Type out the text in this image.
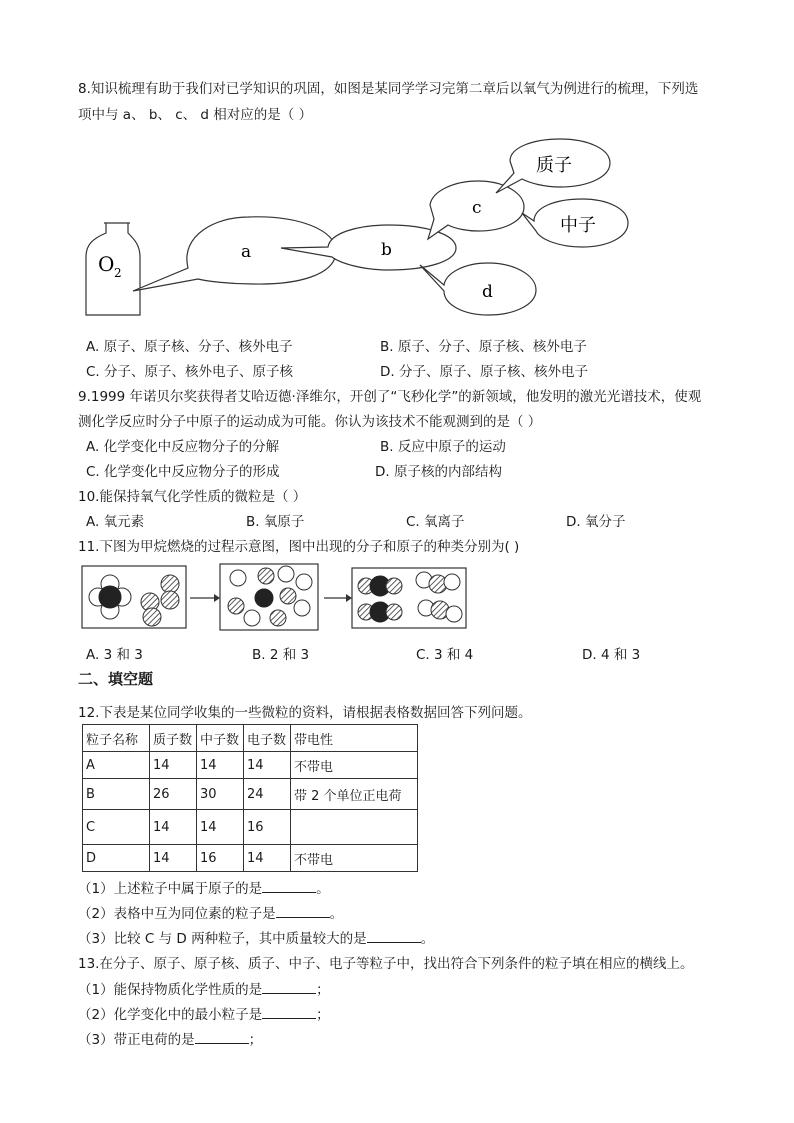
8.知识梳理有助于我们对已学知识的巩固，如图是某同学学习完第二章后以氧气为例进行的梳理，下列选
项中与 a、 b、 c、 d 相对应的是（ ）
O 2
a	b
c
d
质子
中子
A. 原子、原子核、分子、核外电子	B. 原子、分子、原子核、核外电子
C. 分子、原子、核外电子、原子核	D. 分子、原子、原子核、核外电子
9.1999 年诺贝尔奖获得者艾哈迈德·泽维尔，开创了“飞秒化学”的新领域，他发明的激光光谱技术，使观
测化学反应时分子中原子的运动成为可能。你认为该技术不能观测到的是（ ）
A. 化学变化中反应物分子的分解	B. 反应中原子的运动
C. 化学变化中反应物分子的形成	D. 原子核的内部结构
10.能保持氧气化学性质的微粒是（ ）
A. 氧元素	B. 氧原子	C. 氧离子	D. 氧分子
11.下图为甲烷燃烧的过程示意图，图中出现的分子和原子的种类分别为( )
A. 3 和 3	B. 2 和 3	C. 3 和 4	D. 4 和 3
二、填空题
12.下表是某位同学收集的一些微粒的资料，请根据表格数据回答下列问题。
粒子名称	质子数	中子数	电子数	带电性
A	14	14	14	不带电
B	26	30	24	带 2 个单位正电荷
C	14	14	16	
D	14	16	14	不带电
（1）上述粒子中属于原子的是	。
（2）表格中互为同位素的粒子是	。
（3）比较 C 与 D 两种粒子，其中质量较大的是	。
13.在分子、原子、原子核、质子、中子、电子等粒子中，找出符合下列条件的粒子填在相应的横线上。
（1）能保持物质化学性质的是	；
（2）化学变化中的最小粒子是	；
（3）带正电荷的是	；
